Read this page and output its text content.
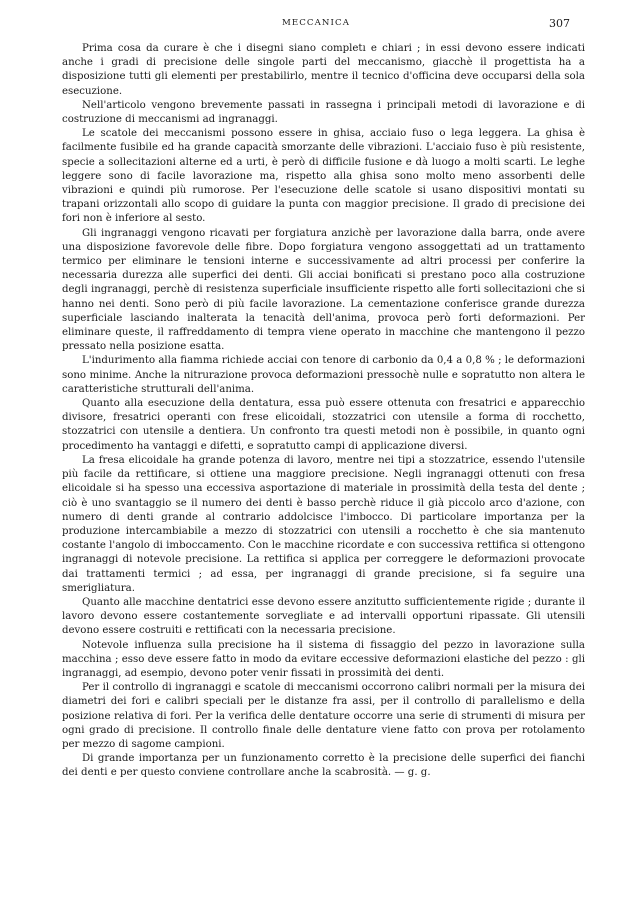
MECCANICA	307

Prima cosa da curare è che i disegni siano completı e chiari ; in essi devono essere indicati anche i gradi di precisione delle singole parti del meccanismo, giacchè il progettista ha a disposizione tutti gli elementi per prestabilirlo, mentre il tecnico d'officina deve occuparsi della sola esecuzione.

Nell'articolo vengono brevemente passati in rassegna i principali metodi di lavorazione e di costruzione di meccanismi ad ingranaggi.

Le scatole dei meccanismi possono essere in ghisa, acciaio fuso o lega leggera. La ghisa è facilmente fusibile ed ha grande capacità smorzante delle vibrazioni. L'acciaio fuso è più resistente, specie a sollecitazioni alterne ed a urti, è però di difficile fusione e dà luogo a molti scarti. Le leghe leggere sono di facile lavorazione ma, rispetto alla ghisa sono molto meno assorbenti delle vibrazioni e quindi più rumorose. Per l'esecuzione delle scatole si usano dispositivi montati su trapani orizzontali allo scopo di guidare la punta con maggior precisione. Il grado di precisione dei fori non è inferiore al sesto.

Gli ingranaggi vengono ricavati per forgiatura anzichè per lavorazione dalla barra, onde avere una disposizione favorevole delle fibre. Dopo forgiatura vengono assoggettati ad un trattamento termico per eliminare le tensioni interne e successivamente ad altri processi per conferire la necessaria durezza alle superfici dei denti. Gli acciai bonificati si prestano poco alla costruzione degli ingranaggi, perchè di resistenza superficiale insufficiente rispetto alle forti sollecitazioni che si hanno nei denti. Sono però di più facile lavorazione. La cementazione conferisce grande durezza superficiale lasciando inalterata la tenacità dell'anima, provoca però forti deformazioni. Per eliminare queste, il raffreddamento di tempra viene operato in macchine che mantengono il pezzo pressato nella posizione esatta.

L'indurimento alla fiamma richiede acciai con tenore di carbonio da 0,4 a 0,8 % ; le deformazioni sono minime. Anche la nitrurazione provoca deformazioni pressochè nulle e sopratutto non altera le caratteristiche strutturali dell'anima.

Quanto alla esecuzione della dentatura, essa può essere ottenuta con fresatrici e apparecchio divisore, fresatrici operanti con frese elicoidali, stozzatrici con utensile a forma di rocchetto, stozzatrici con utensile a dentiera. Un confronto tra questi metodi non è possibile, in quanto ogni procedimento ha vantaggi e difetti, e sopratutto campi di applicazione diversi.

La fresa elicoidale ha grande potenza di lavoro, mentre nei tipi a stozzatrice, essendo l'utensile più facile da rettificare, si ottiene una maggiore precisione. Negli ingranaggi ottenuti con fresa elicoidale si ha spesso una eccessiva asportazione di materiale in prossimità della testa del dente ; ciò è uno svantaggio se il numero dei denti è basso perchè riduce il già piccolo arco d'azione, con numero di denti grande al contrario addolcisce l'imbocco. Di particolare importanza per la produzione intercambiabile a mezzo di stozzatrici con utensili a rocchetto è che sia mantenuto costante l'angolo di imboccamento. Con le macchine ricordate e con successiva rettifica si ottengono ingranaggi di notevole precisione. La rettifica si applica per correggere le deformazioni provocate dai trattamenti termici ; ad essa, per ingranaggi di grande precisione, si fa seguire una smerigliatura.

Quanto alle macchine dentatrici esse devono essere anzitutto sufficientemente rigide ; durante il lavoro devono essere costantemente sorvegliate e ad intervalli opportuni ripassate. Gli utensili devono essere costruiti e rettificati con la necessaria precisione.

Notevole influenza sulla precisione ha il sistema di fissaggio del pezzo in lavorazione sulla macchina ; esso deve essere fatto in modo da evitare eccessive deformazioni elastiche del pezzo : gli ingranaggi, ad esempio, devono poter venir fissati in prossimità dei denti.

Per il controllo di ingranaggi e scatole di meccanismi occorrono calibri normali per la misura dei diametri dei fori e calibri speciali per le distanze fra assi, per il controllo di parallelismo e della posizione relativa di fori. Per la verifica delle dentature occorre una serie di strumenti di misura per ogni grado di precisione. Il controllo finale delle dentature viene fatto con prova per rotolamento per mezzo di sagome campioni.

Di grande importanza per un funzionamento corretto è la precisione delle superfici dei fianchi dei denti e per questo conviene controllare anche la scabrosità. — g. g.
